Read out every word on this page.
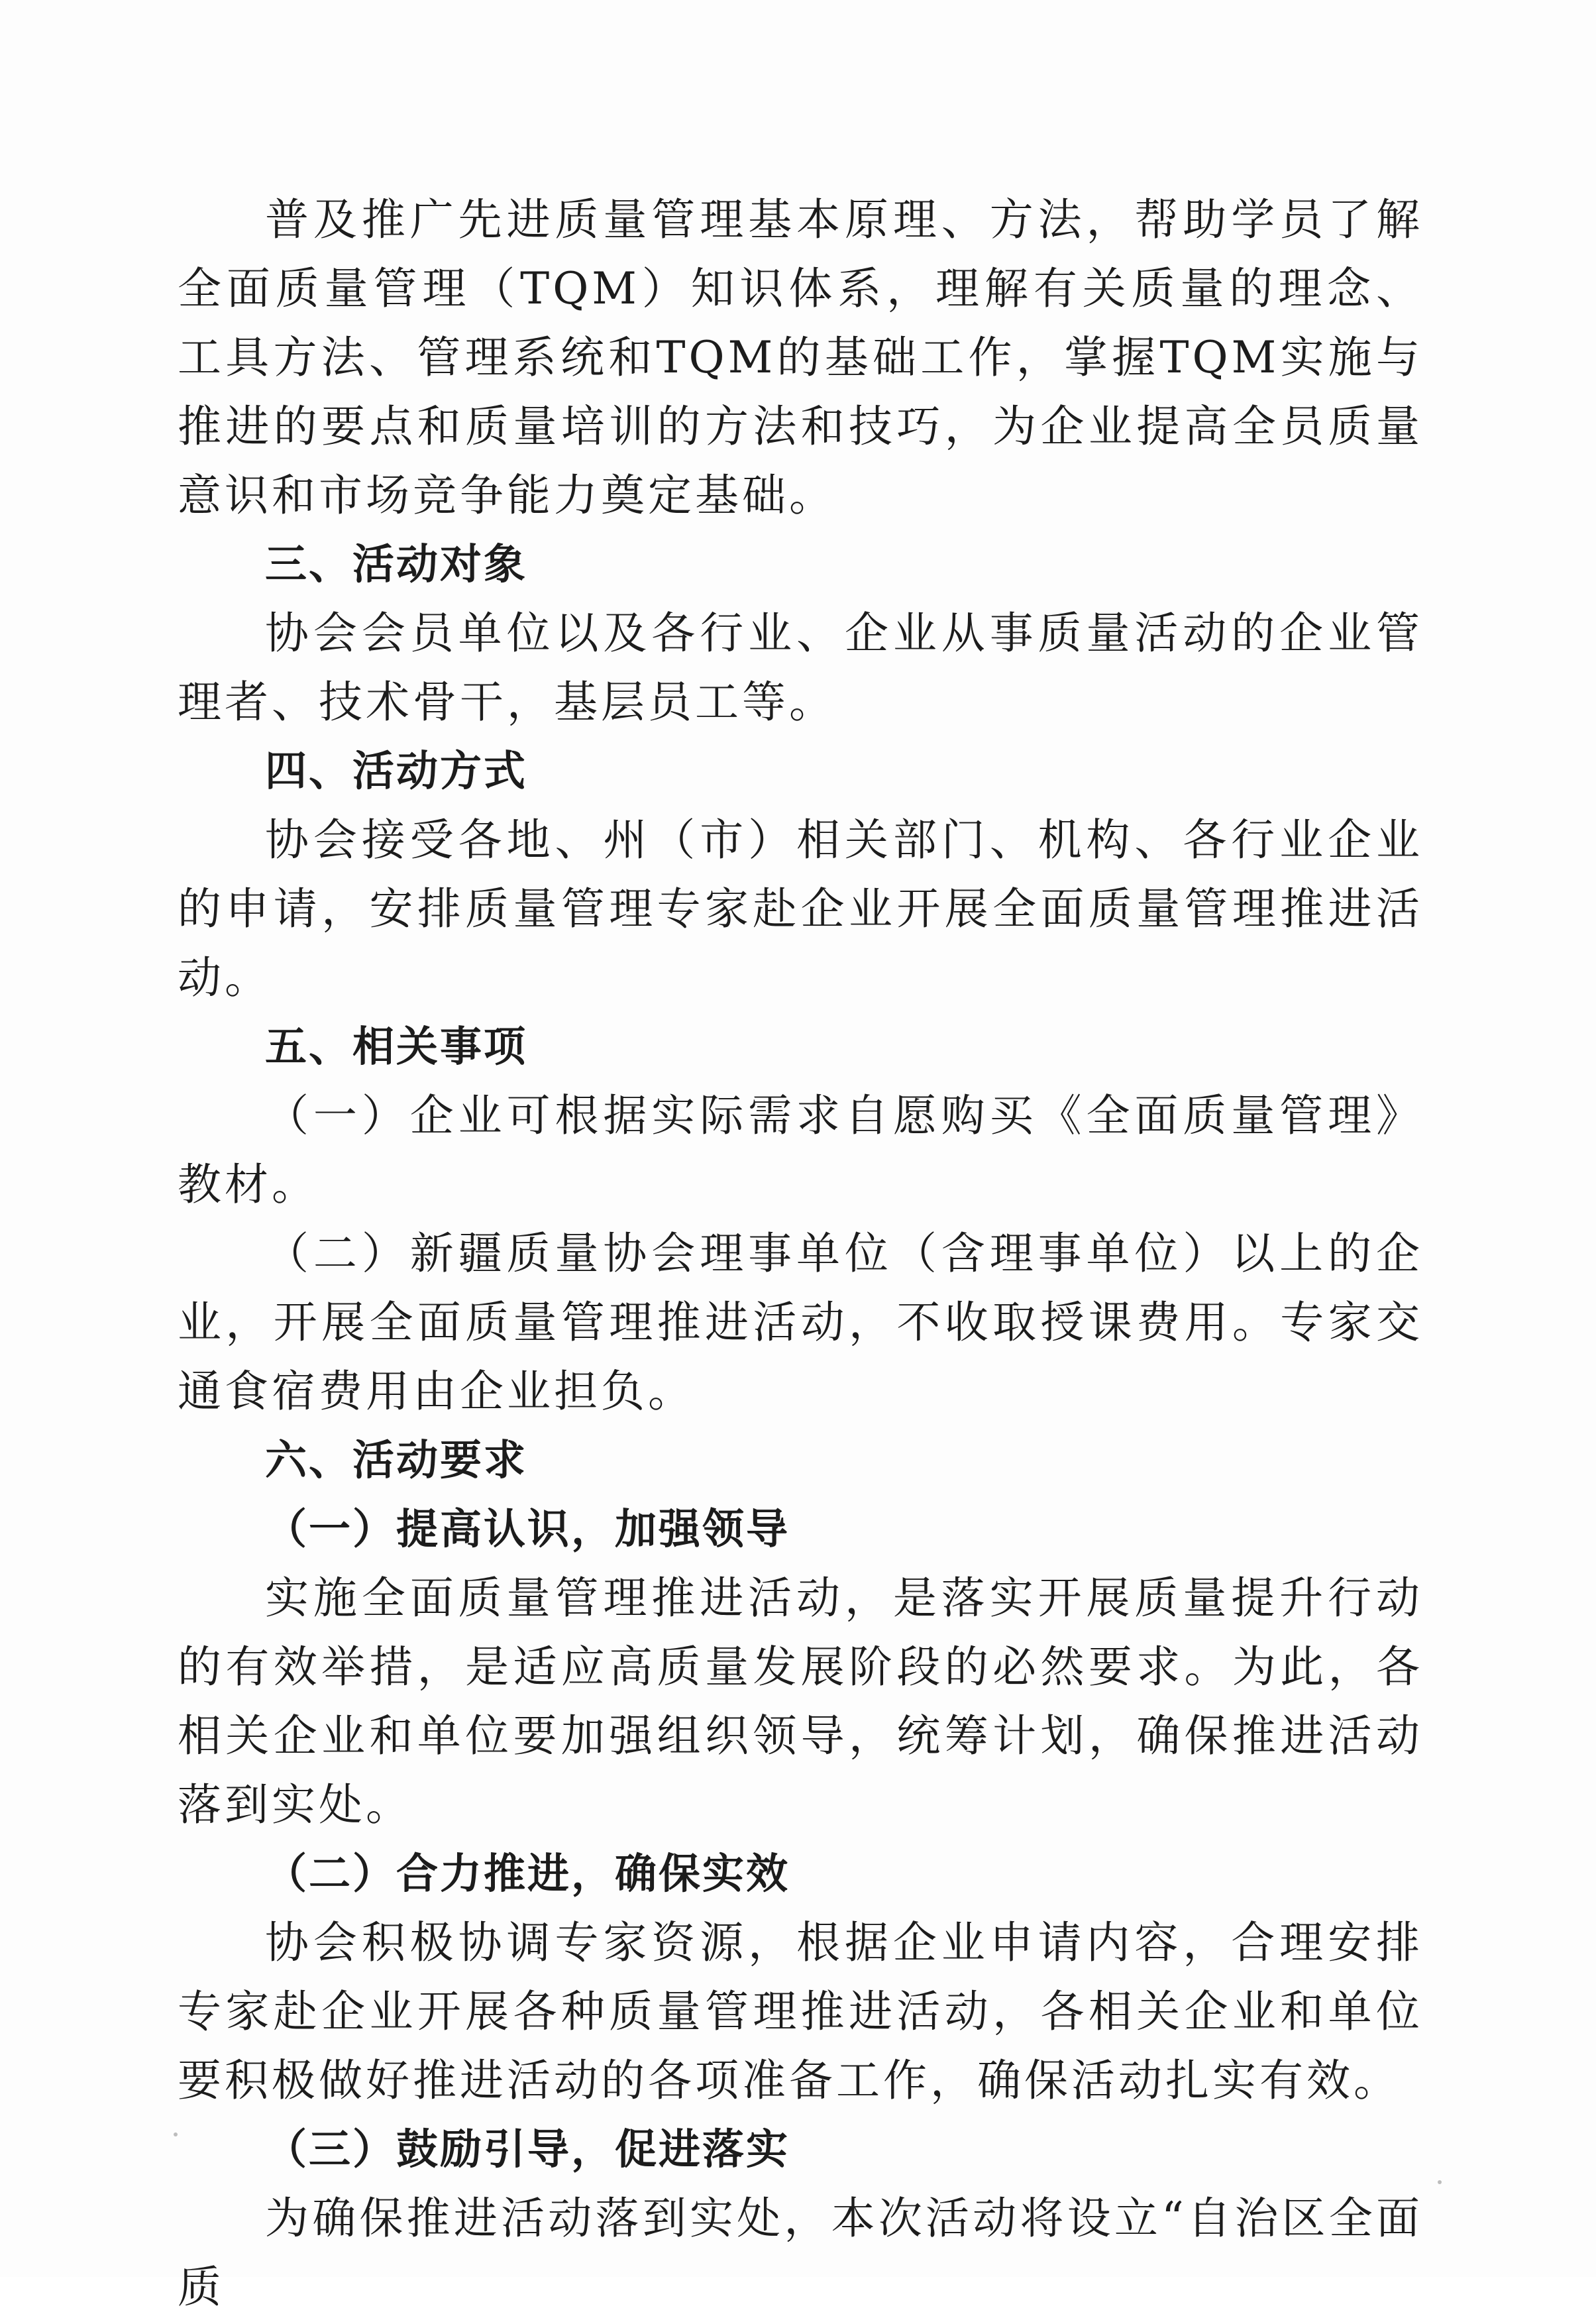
普及推广先进质量管理基本原理、方法，帮助学员了解全面质量管理（TQM）知识体系，理解有关质量的理念、工具方法、管理系统和TQM的基础工作，掌握TQM实施与推进的要点和质量培训的方法和技巧，为企业提高全员质量意识和市场竞争能力奠定基础。

三、活动对象

协会会员单位以及各行业、企业从事质量活动的企业管理者、技术骨干，基层员工等。

四、活动方式

协会接受各地、州（市）相关部门、机构、各行业企业的申请，安排质量管理专家赴企业开展全面质量管理推进活动。

五、相关事项

（一）企业可根据实际需求自愿购买《全面质量管理》教材。

（二）新疆质量协会理事单位（含理事单位）以上的企业，开展全面质量管理推进活动，不收取授课费用。专家交通食宿费用由企业担负。

六、活动要求

（一）提高认识，加强领导

实施全面质量管理推进活动，是落实开展质量提升行动的有效举措，是适应高质量发展阶段的必然要求。为此，各相关企业和单位要加强组织领导，统筹计划，确保推进活动落到实处。

（二）合力推进，确保实效

协会积极协调专家资源，根据企业申请内容，合理安排专家赴企业开展各种质量管理推进活动，各相关企业和单位要积极做好推进活动的各项准备工作，确保活动扎实有效。

（三）鼓励引导，促进落实

为确保推进活动落到实处，本次活动将设立“自治区全面质
